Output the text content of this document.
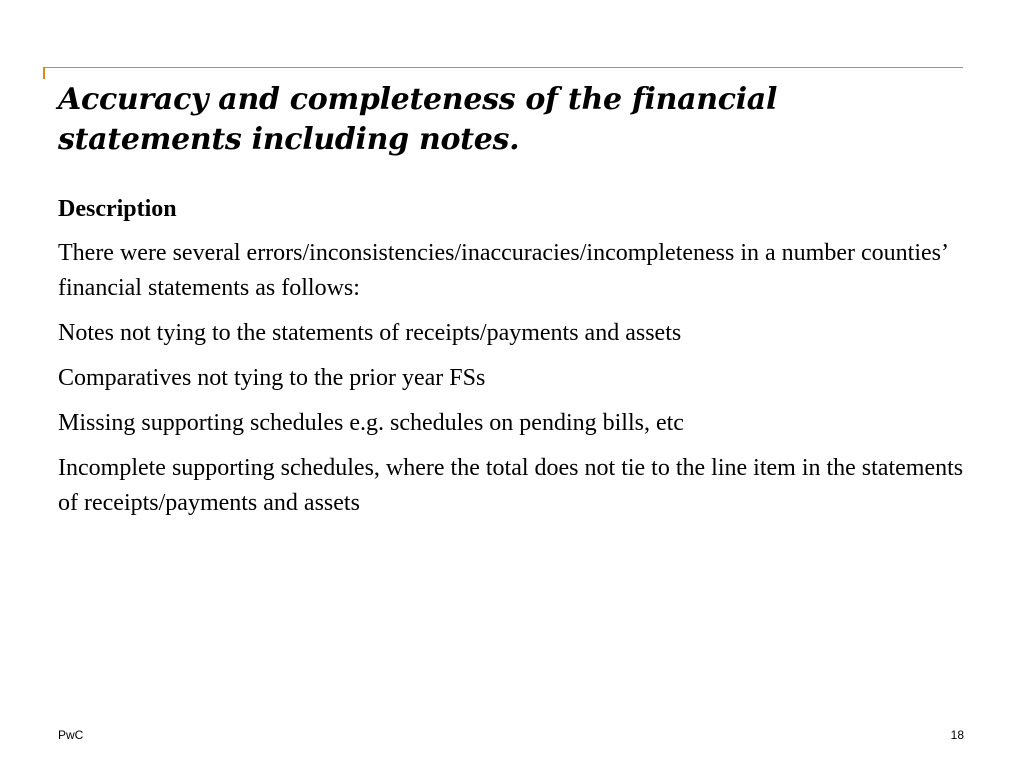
Accuracy and completeness of the financial statements including notes.

Description

There were several errors/inconsistencies/inaccuracies/incompleteness in a number counties’ financial statements as follows:

Notes not tying to the statements of receipts/payments and assets

Comparatives not tying to the prior year FSs

Missing supporting schedules e.g. schedules on pending bills, etc

Incomplete supporting schedules, where the total does not tie to the line item in the statements of receipts/payments and assets

PwC	18
